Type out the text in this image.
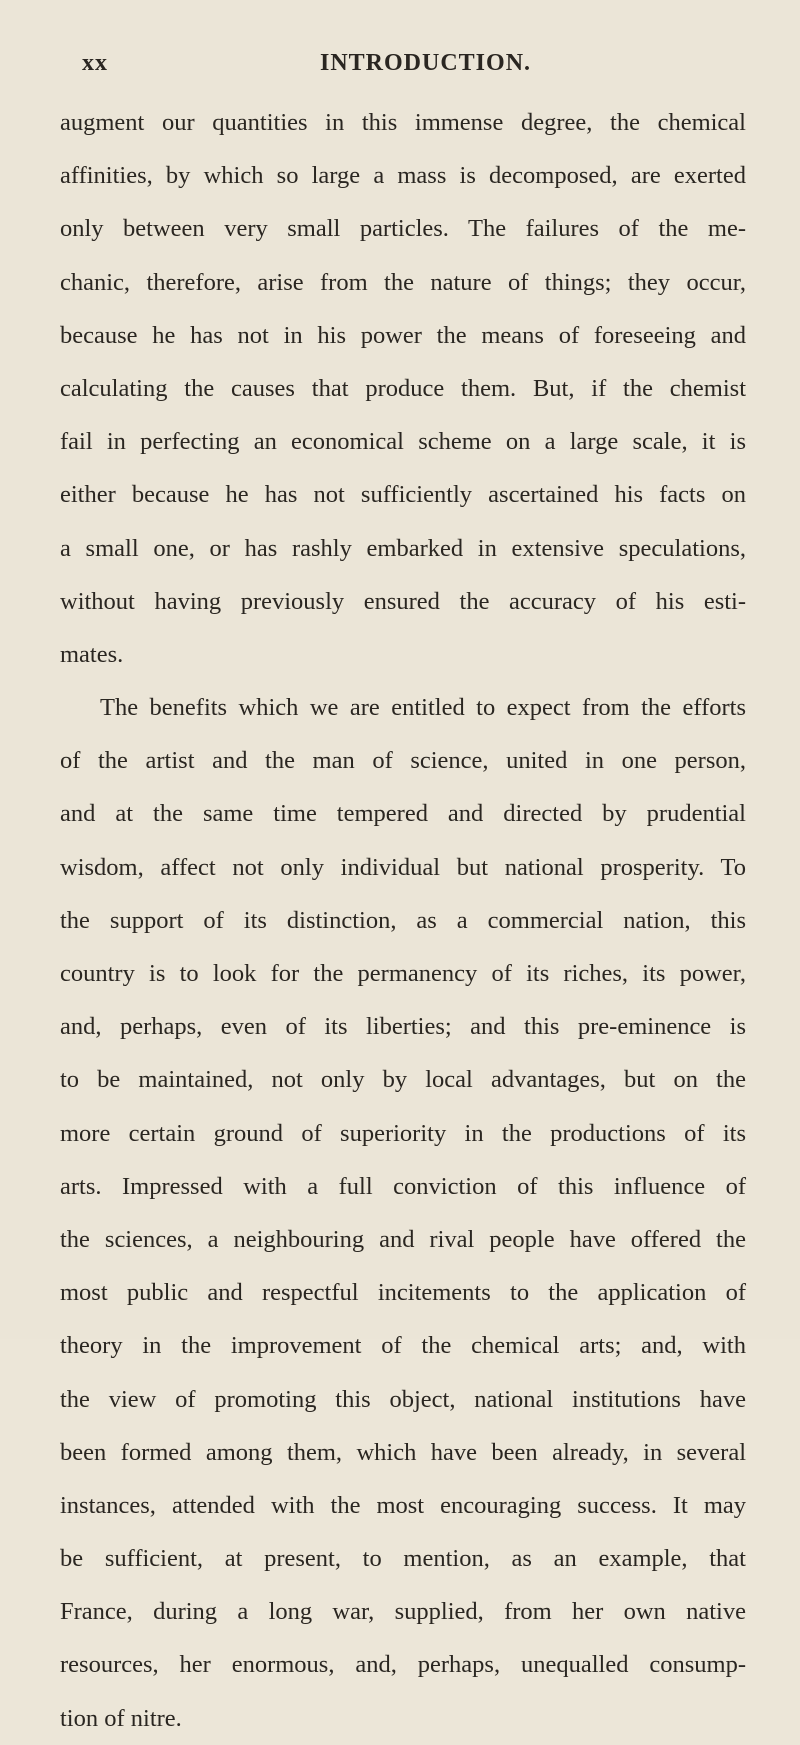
xx	INTRODUCTION.
augment our quantities in this immense degree, the chemical
affinities, by which so large a mass is decomposed, are exerted
only between very small particles. The failures of the me-
chanic, therefore, arise from the nature of things; they occur,
because he has not in his power the means of foreseeing and
calculating the causes that produce them. But, if the chemist
fail in perfecting an economical scheme on a large scale, it is
either because he has not sufficiently ascertained his facts on
a small one, or has rashly embarked in extensive speculations,
without having previously ensured the accuracy of his esti-
mates.
The benefits which we are entitled to expect from the efforts
of the artist and the man of science, united in one person,
and at the same time tempered and directed by prudential
wisdom, affect not only individual but national prosperity. To
the support of its distinction, as a commercial nation, this
country is to look for the permanency of its riches, its power,
and, perhaps, even of its liberties; and this pre-eminence is
to be maintained, not only by local advantages, but on the
more certain ground of superiority in the productions of its
arts. Impressed with a full conviction of this influence of
the sciences, a neighbouring and rival people have offered the
most public and respectful incitements to the application of
theory in the improvement of the chemical arts; and, with
the view of promoting this object, national institutions have
been formed among them, which have been already, in several
instances, attended with the most encouraging success. It may
be sufficient, at present, to mention, as an example, that
France, during a long war, supplied, from her own native
resources, her enormous, and, perhaps, unequalled consump-
tion of nitre.
